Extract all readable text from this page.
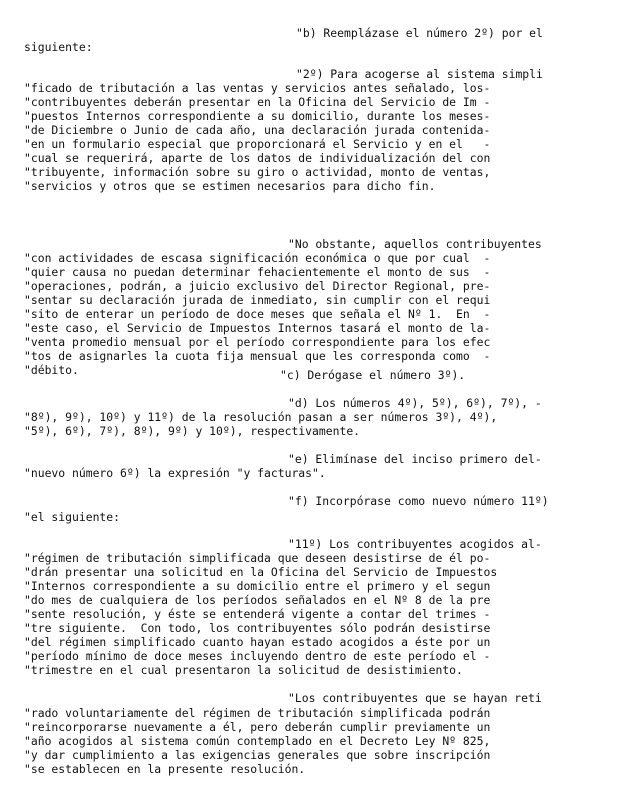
"b) Reemplázase el número 2º) por el
siguiente:
"2º) Para acogerse al sistema simpli
"ficado de tributación a las ventas y servicios antes señalado, los-
"contribuyentes deberán presentar en la Oficina del Servicio de Im -
"puestos Internos correspondiente a su domicilio, durante los meses-
"de Diciembre o Junio de cada año, una declaración jurada contenida-
"en un formulario especial que proporcionará el Servicio y en el   -
"cual se requerirá, aparte de los datos de individualización del con
"tribuyente, información sobre su giro o actividad, monto de ventas,
"servicios y otros que se estimen necesarios para dicho fin.
"No obstante, aquellos contribuyentes
"con actividades de escasa significación económica o que por cual  -
"quier causa no puedan determinar fehacientemente el monto de sus  -
"operaciones, podrán, a juicio exclusivo del Director Regional, pre-
"sentar su declaración jurada de inmediato, sin cumplir con el requi
"sito de enterar un período de doce meses que señala el Nº 1.  En  -
"este caso, el Servicio de Impuestos Internos tasará el monto de la-
"venta promedio mensual por el período correspondiente para los efec
"tos de asignarles la cuota fija mensual que les corresponda como  -
"débito.	"c) Derógase el número 3º).
"d) Los números 4º), 5º), 6º), 7º), -
"8º), 9º), 10º) y 11º) de la resolución pasan a ser números 3º), 4º),
"5º), 6º), 7º), 8º), 9º) y 10º), respectivamente.
"e) Elimínase del inciso primero del-
"nuevo número 6º) la expresión "y facturas".
"f) Incorpórase como nuevo número 11º)
"el siguiente:
"11º) Los contribuyentes acogidos al-
"régimen de tributación simplificada que deseen desistirse de él po-
"drán presentar una solicitud en la Oficina del Servicio de Impuestos
"Internos correspondiente a su domicilio entre el primero y el segun
"do mes de cualquiera de los períodos señalados en el Nº 8 de la pre
"sente resolución, y éste se entenderá vigente a contar del trimes -
"tre siguiente.  Con todo, los contribuyentes sólo podrán desistirse
"del régimen simplificado cuanto hayan estado acogidos a éste por un
"período mínimo de doce meses incluyendo dentro de este período el -
"trimestre en el cual presentaron la solicitud de desistimiento.
"Los contribuyentes que se hayan reti
"rado voluntariamente del régimen de tributación simplificada podrán
"reincorporarse nuevamente a él, pero deberán cumplir previamente un
"año acogidos al sistema común contemplado en el Decreto Ley Nº 825,
"y dar cumplimiento a las exigencias generales que sobre inscripción
"se establecen en la presente resolución.
